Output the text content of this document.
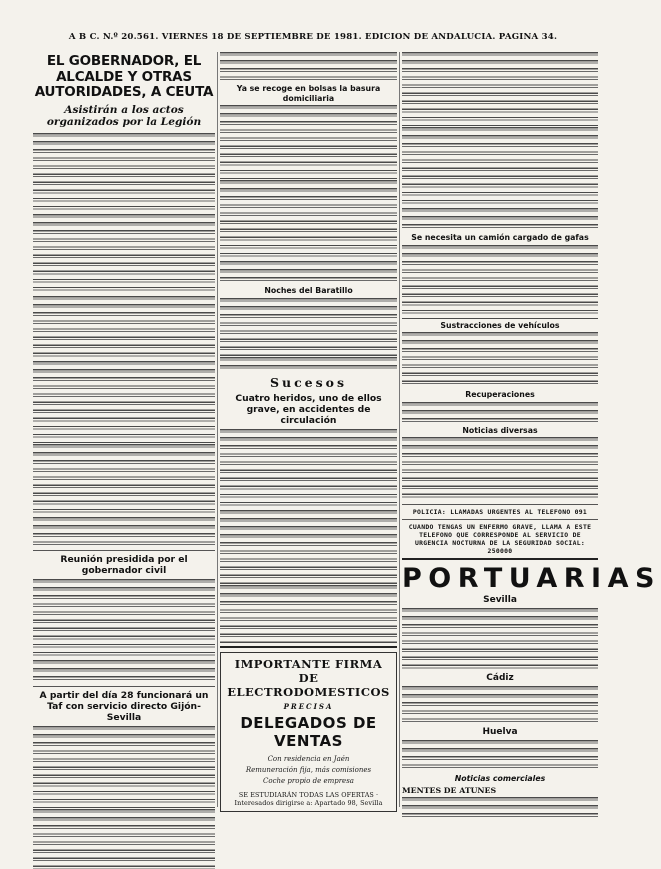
A B C. N.º 20.561. VIERNES 18 DE SEPTIEMBRE DE 1981. EDICION DE ANDALUCIA. PAGINA 34.
EL GOBERNADOR, EL ALCALDE Y OTRAS AUTORIDADES, A CEUTA
Asistirán a los actos organizados por la Legión
Reunión presidida por el gobernador civil
A partir del día 28 funcionará un Taf con servicio directo Gijón-Sevilla
Ya se recoge en bolsas la basura domiciliaria
Noches del Baratillo
Sucesos
Cuatro heridos, uno de ellos grave, en accidentes de circulación
IMPORTANTE FIRMA DE ELECTRODOMESTICOS
PRECISA
DELEGADOS DE VENTAS
Con residencia en Jaén
Remuneración fija, más comisiones
Coche propio de empresa
SE ESTUDIARÁN TODAS LAS OFERTAS · Interesados dirigirse a: Apartado 98, Sevilla
Se necesita un camión cargado de gafas
Sustracciones de vehículos
Recuperaciones
Noticias diversas
POLICIA: LLAMADAS URGENTES AL TELEFONO 091
CUANDO TENGAS UN ENFERMO GRAVE, LLAMA A ESTE TELEFONO QUE CORRESPONDE AL SERVICIO DE URGENCIA NOCTURNA DE LA SEGURIDAD SOCIAL: 250000
PORTUARIAS
Sevilla
Cádiz
Huelva
Noticias comerciales
MENTES DE ATUNES
